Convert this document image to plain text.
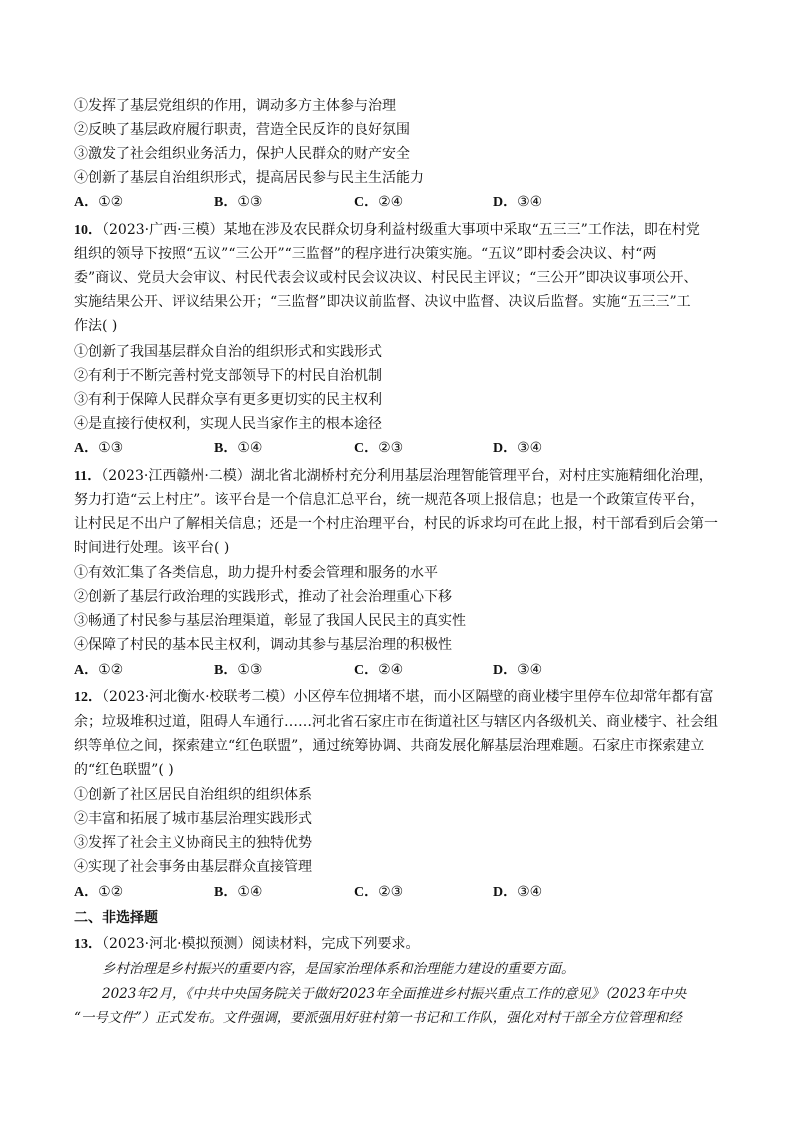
①发挥了基层党组织的作用，调动多方主体参与治理
②反映了基层政府履行职责，营造全民反诈的良好氛围
③激发了社会组织业务活力，保护人民群众的财产安全
④创新了基层自治组织形式，提高居民参与民主生活能力
A．①②	B．①③	C．②④	D．③④
10．（2023·广西·三模）某地在涉及农民群众切身利益村级重大事项中采取“五三三”工作法，即在村党
组织的领导下按照“五议”“三公开”“三监督”的程序进行决策实施。“五议”即村委会决议、村“两
委”商议、党员大会审议、村民代表会议或村民会议决议、村民民主评议；“三公开”即决议事项公开、
实施结果公开、评议结果公开；“三监督”即决议前监督、决议中监督、决议后监督。实施“五三三”工
作法( )
①创新了我国基层群众自治的组织形式和实践形式
②有利于不断完善村党支部领导下的村民自治机制
③有利于保障人民群众享有更多更切实的民主权利
④是直接行使权利，实现人民当家作主的根本途径
A．①③	B．①④	C．②③	D．③④
11．（2023·江西赣州·二模）湖北省北湖桥村充分利用基层治理智能管理平台，对村庄实施精细化治理，
努力打造“云上村庄”。该平台是一个信息汇总平台，统一规范各项上报信息；也是一个政策宣传平台，
让村民足不出户了解相关信息；还是一个村庄治理平台，村民的诉求均可在此上报，村干部看到后会第一
时间进行处理。该平台( )
①有效汇集了各类信息，助力提升村委会管理和服务的水平
②创新了基层行政治理的实践形式，推动了社会治理重心下移
③畅通了村民参与基层治理渠道，彰显了我国人民民主的真实性
④保障了村民的基本民主权利，调动其参与基层治理的积极性
A．①②	B．①③	C．②④	D．③④
12．（2023·河北衡水·校联考二模）小区停车位拥堵不堪，而小区隔壁的商业楼宇里停车位却常年都有富
余；垃圾堆积过道，阻碍人车通行……河北省石家庄市在街道社区与辖区内各级机关、商业楼宇、社会组
织等单位之间，探索建立“红色联盟”，通过统筹协调、共商发展化解基层治理难题。石家庄市探索建立
的“红色联盟”( )
①创新了社区居民自治组织的组织体系
②丰富和拓展了城市基层治理实践形式
③发挥了社会主义协商民主的独特优势
④实现了社会事务由基层群众直接管理
A．①②	B．①④	C．②③	D．③④
二、非选择题
13．（2023·河北·模拟预测）阅读材料，完成下列要求。
乡村治理是乡村振兴的重要内容，是国家治理体系和治理能力建设的重要方面。
2023年2月，《中共中央国务院关于做好2023年全面推进乡村振兴重点工作的意见》（2023年中央
“一号文件”）正式发布。文件强调，要派强用好驻村第一书记和工作队，强化对村干部全方位管理和经
